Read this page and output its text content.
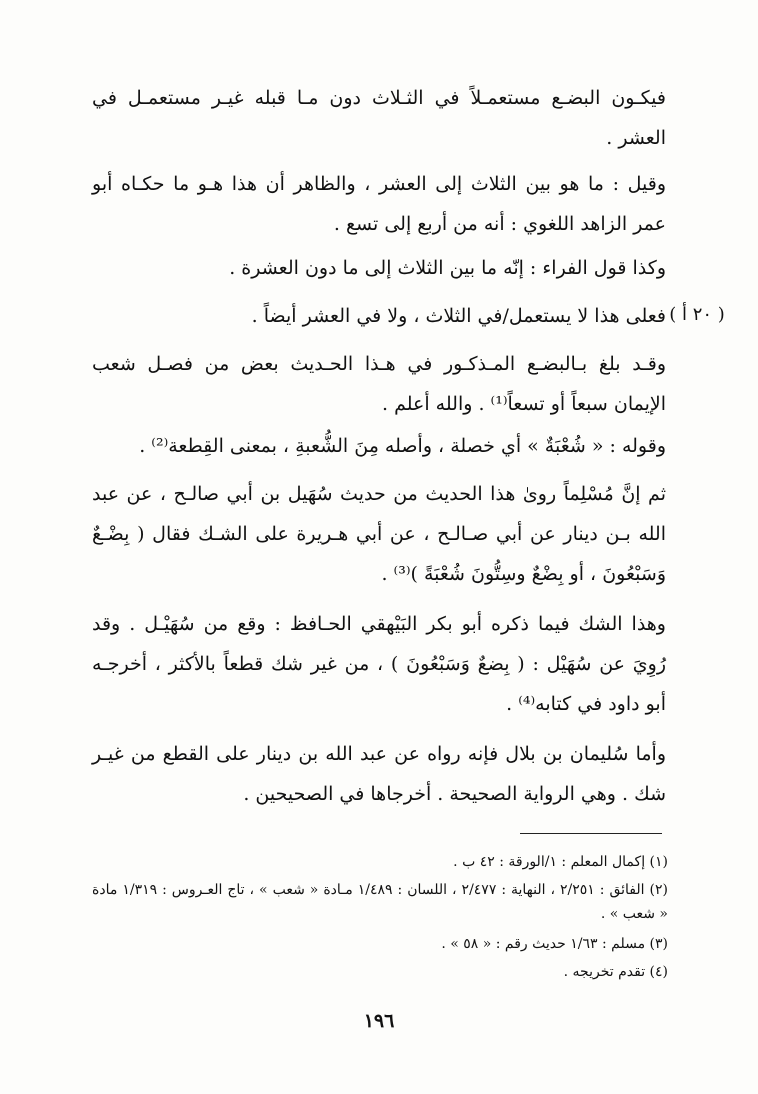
فيكـون البضـع مستعمـلاً في الثـلاث دون مـا قبله غيـر مستعمـل في العشر .

وقيل : ما هو بين الثلاث إلى العشر ، والظاهر أن هذا هـو ما حكـاه أبو عمر الزاهد اللغوي : أنه من أربع إلى تسع .

وكذا قول الفراء : إنّه ما بين الثلاث إلى ما دون العشرة .

فعلى هذا لا يستعمل/في الثلاث ، ولا في العشر أيضاً . ( ٢٠ أ )

وقـد بلغ بـالبضـع المـذكـور في هـذا الحـديث بعض من فصـل شعب الإيمان سبعاً أو تسعاً⁽¹⁾ . والله أعلم .

وقوله : « شُعْبَةٌ » أي خصلة ، وأصله مِنَ الشُّعبةِ ، بمعنى القِطعة⁽²⁾ .

ثم إنَّ مُسْلِماً روىٰ هذا الحديث من حديث سُهَيل بن أبي صالـح ، عن عبد الله بـن دينار عن أبي صـالـح ، عن أبي هـريرة على الشـك فقال ( بِضْـعٌ وَسَبْعُونَ ، أو بِضْعٌ وسِتُّونَ شُعْبَةً )⁽³⁾ .

وهذا الشك فيما ذكره أبو بكر البَيْهقي الحـافظ : وقع من سُهَيْـل . وقد رُوِيَ عن سُهَيْل : ( بِضعٌ وَسَبْعُونَ ) ، من غير شك قطعاً بالأكثر ، أخرجـه أبو داود في كتابه⁽⁴⁾ .

وأما سُليمان بن بلال فإنه رواه عن عبد الله بن دينار على القطع من غيـر شك . وهي الرواية الصحيحة . أخرجاها في الصحيحين .

(١) إكمال المعلم : ١/الورقة : ٤٢ ب .

(٢) الفائق : ٢/٢٥١ ، النهاية : ٢/٤٧٧ ، اللسان : ١/٤٨٩ مـادة « شعب » ، تاج العـروس : ١/٣١٩ مادة « شعب » .

(٣) مسلم : ١/٦٣ حديث رقم : « ٥٨ » .

(٤) تقدم تخريجه .

١٩٦
